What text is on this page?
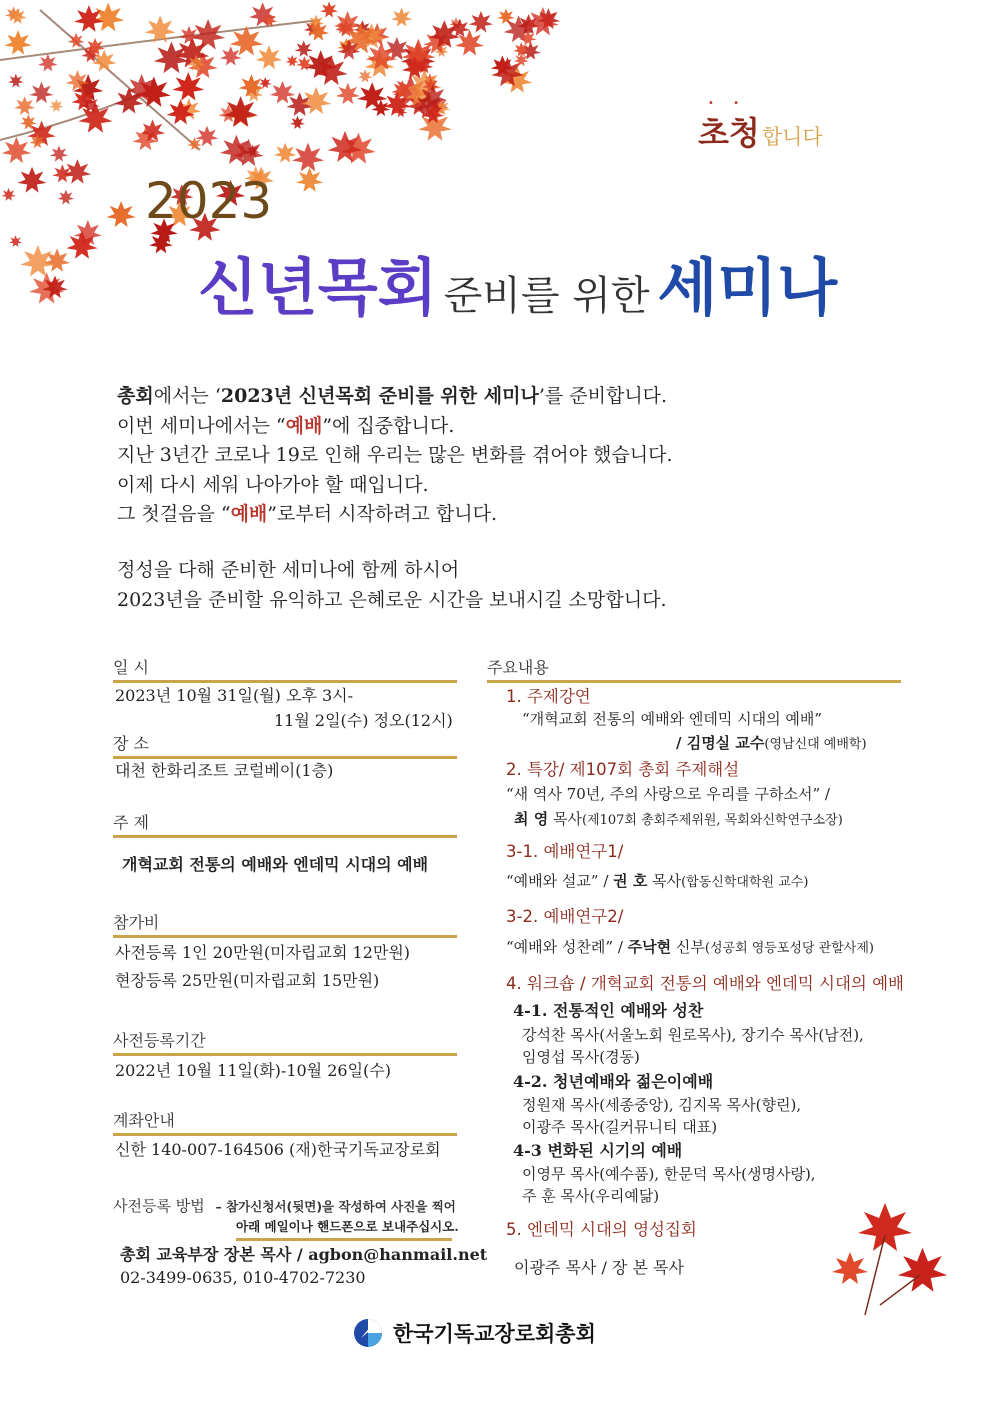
• •
초청합니다
2023
신년목회 준비를 위한 세미나

총회에서는 ‘2023년 신년목회 준비를 위한 세미나’를 준비합니다.

이번 세미나에서는 “예배”에 집중합니다.

지난 3년간 코로나 19로 인해 우리는 많은 변화를 겪어야 했습니다.

이제 다시 세워 나아가야 할 때입니다.

그 첫걸음을 “예배”로부터 시작하려고 합니다.

정성을 다해 준비한 세미나에 함께 하시어

2023년을 준비할 유익하고 은혜로운 시간을 보내시길 소망합니다.

일 시
2023년 10월 31일(월) 오후 3시-
11월 2일(수) 정오(12시)
장 소
대천 한화리조트 코럴베이(1층)
주 제
개혁교회 전통의 예배와 엔데믹 시대의 예배
참가비
사전등록 1인 20만원(미자립교회 12만원)
현장등록 25만원(미자립교회 15만원)
사전등록기간
2022년 10월 11일(화)-10월 26일(수)
계좌안내
신한 140-007-164506 (재)한국기독교장로회
사전등록 방법 – 참가신청서(뒷면)을 작성하여 사진을 찍어
아래 메일이나 핸드폰으로 보내주십시오.
총회 교육부장 장본 목사 / agbon@hanmail.net
02-3499-0635, 010-4702-7230
주요내용
1. 주제강연
“개혁교회 전통의 예배와 엔데믹 시대의 예배”
/ 김명실 교수(영남신대 예배학)
2. 특강/ 제107회 총회 주제해설
“새 역사 70년, 주의 사랑으로 우리를 구하소서” /
최 영 목사(제107회 총회주제위원, 목회와신학연구소장)
3-1. 예배연구1/
“예배와 설교” / 권 호 목사(합동신학대학원 교수)
3-2. 예배연구2/
“예배와 성찬례” / 주낙현 신부(성공회 영등포성당 관할사제)
4. 워크숍 / 개혁교회 전통의 예배와 엔데믹 시대의 예배
4-1. 전통적인 예배와 성찬
강석찬 목사(서울노회 원로목사), 장기수 목사(남전),
임영섭 목사(경동)
4-2. 청년예배와 젊은이예배
정원재 목사(세종중앙), 김지목 목사(향린),
이광주 목사(길커뮤니티 대표)
4-3 변화된 시기의 예배
이영무 목사(예수품), 한문덕 목사(생명사랑),
주 훈 목사(우리예닮)
5. 엔데믹 시대의 영성집회
이광주 목사 / 장 본 목사
한국기독교장로회총회
